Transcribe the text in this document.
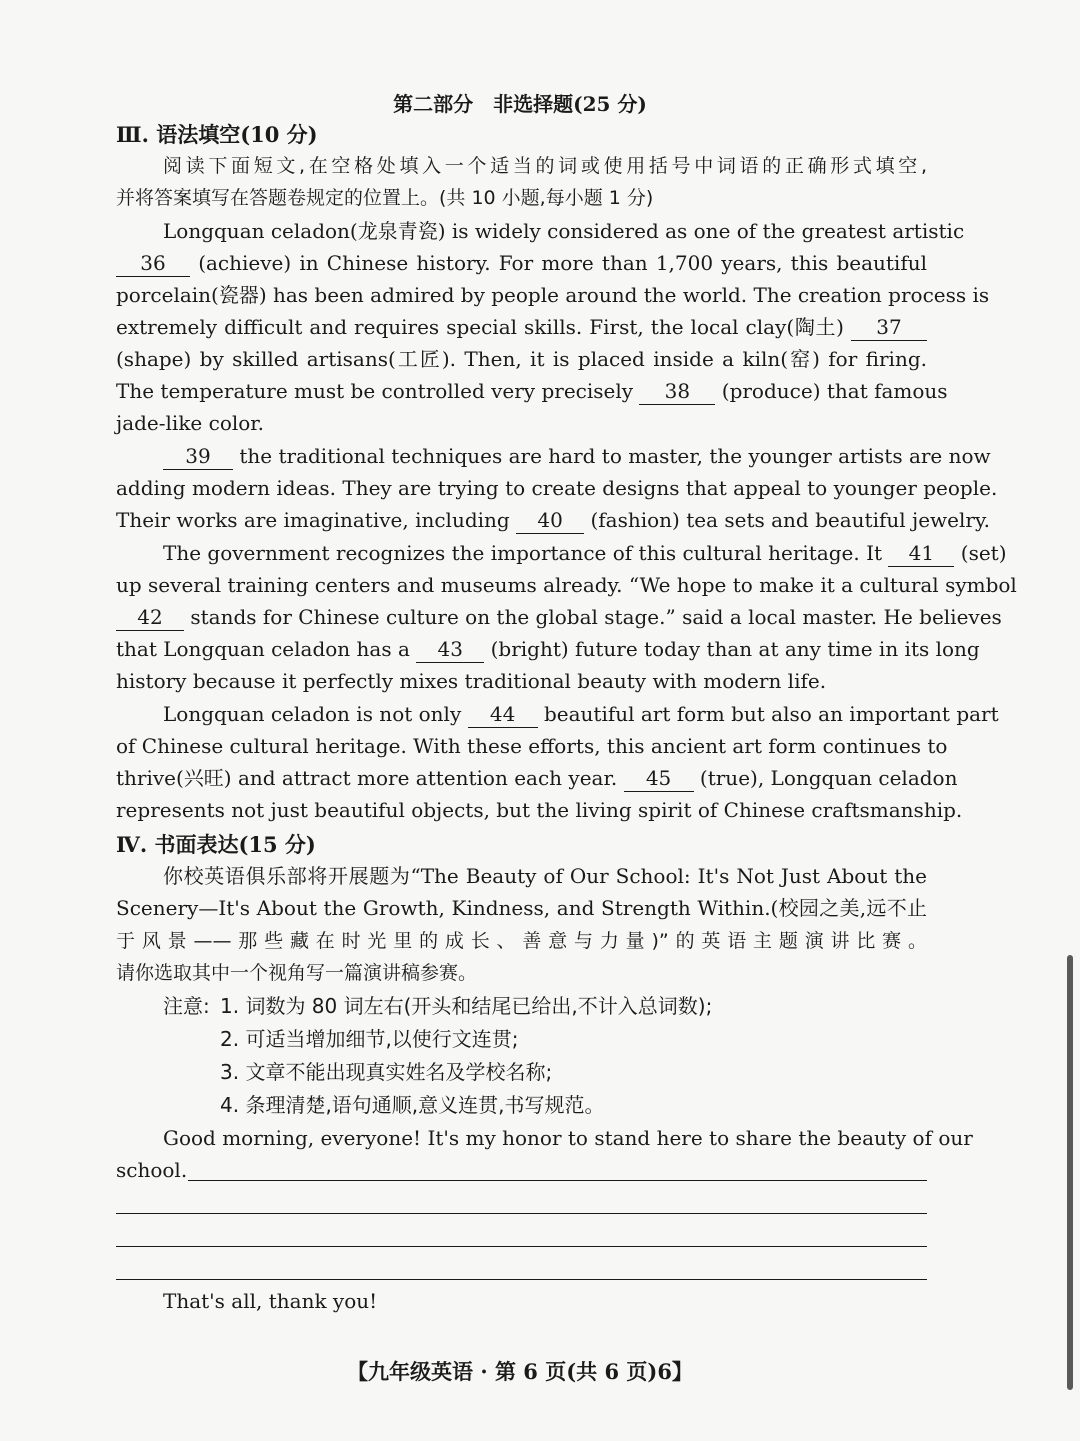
第二部分　非选择题(25 分)
Ⅲ. 语法填空(10 分)
阅读下面短文,在空格处填入一个适当的词或使用括号中词语的正确形式填空,
并将答案填写在答题卷规定的位置上。(共 10 小题,每小题 1 分)
Longquan celadon(龙泉青瓷) is widely considered as one of the greatest artistic
36 (achieve) in Chinese history. For more than 1,700 years, this beautiful
porcelain(瓷器) has been admired by people around the world. The creation process is
extremely difficult and requires special skills. First, the local clay(陶土) 37
(shape) by skilled artisans(工匠). Then, it is placed inside a kiln(窑) for firing.
The temperature must be controlled very precisely 38 (produce) that famous
jade-like color.
39 the traditional techniques are hard to master, the younger artists are now
adding modern ideas. They are trying to create designs that appeal to younger people.
Their works are imaginative, including 40 (fashion) tea sets and beautiful jewelry.
The government recognizes the importance of this cultural heritage. It 41 (set)
up several training centers and museums already. “We hope to make it a cultural symbol
42 stands for Chinese culture on the global stage.” said a local master. He believes
that Longquan celadon has a 43 (bright) future today than at any time in its long
history because it perfectly mixes traditional beauty with modern life.
Longquan celadon is not only 44 beautiful art form but also an important part
of Chinese cultural heritage. With these efforts, this ancient art form continues to
thrive(兴旺) and attract more attention each year. 45 (true), Longquan celadon
represents not just beautiful objects, but the living spirit of Chinese craftsmanship.
Ⅳ. 书面表达(15 分)
你校英语俱乐部将开展题为“The Beauty of Our School: It's Not Just About the
Scenery—It's About the Growth, Kindness, and Strength Within.(校园之美,远不止
于风景——那些藏在时光里的成长、善意与力量)”的英语主题演讲比赛。
请你选取其中一个视角写一篇演讲稿参赛。
注意: 1. 词数为 80 词左右(开头和结尾已给出,不计入总词数);
2. 可适当增加细节,以使行文连贯;
3. 文章不能出现真实姓名及学校名称;
4. 条理清楚,语句通顺,意义连贯,书写规范。
Good morning, everyone! It's my honor to stand here to share the beauty of our
school.
That's all, thank you!
【九年级英语 · 第 6 页(共 6 页)6】
